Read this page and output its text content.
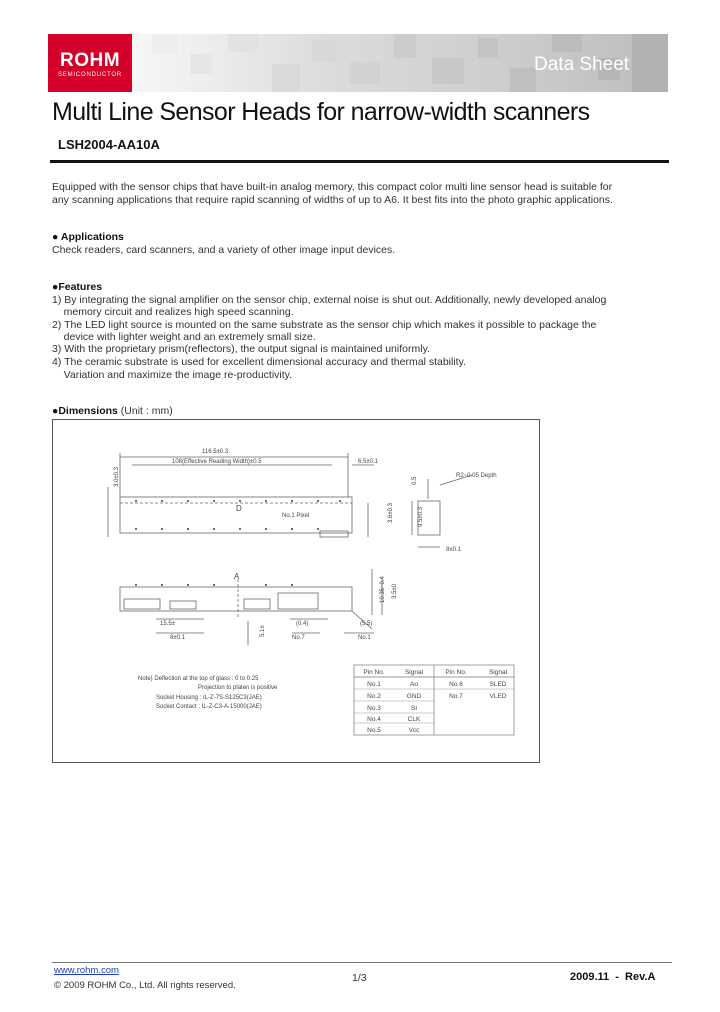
ROHM
SEMICONDUCTOR	Data Sheet
Multi Line Sensor Heads for narrow-width scanners
LSH2004-AA10A
Equipped with the sensor chips that have built-in analog memory, this compact color multi line sensor head is suitable for
any scanning applications that require rapid scanning of widths of up to A6. It best fits into the photo graphic applications.
● Applications
Check readers, card scanners, and a variety of other image input devices.
●Features
1) By integrating the signal amplifier on the sensor chip, external noise is shut out. Additionally, newly developed analog
memory circuit and realizes high speed scanning.
2) The LED light source is mounted on the same substrate as the sensor chip which makes it possible to package the
device with lighter weight and an extremely small size.
3) With the proprietary prism(reflectors), the output signal is maintained uniformly.
4) The ceramic substrate is used for excellent dimensional accuracy and thermal stability.
Variation and maximize the image re-productivity.
●Dimensions (Unit : mm)
116.5±0.3
108(Effective Reading Width)±0.5	6.5±0.1
3.0±0.3
D
No.1 Pixel	3.6±0.3
0.5
R2~0.05 Depth
9.5±0.3
8±0.1
A
15.5±
8±0.1
5.1±
(0.4)	(5.5)
10.35~0.4 3.5±0
No.7	No.1
Note) Deflection at the top of glass : 0 to 0.25
Projection to platen is positive
Socket Housing : IL-Z-7S-S125C3(JAE)
Socket Contact : IL-Z-C3-A-15000(JAE)
Pin No.	Signal	Pin No.	Signal
No.1	Ao	No.6	SLED
No.2	GND	No.7	VLED
No.3	SI
No.4	CLK
No.5	Vcc
www.rohm.com
© 2009 ROHM Co., Ltd. All rights reserved.
1/3	2009.11  -  Rev.A
